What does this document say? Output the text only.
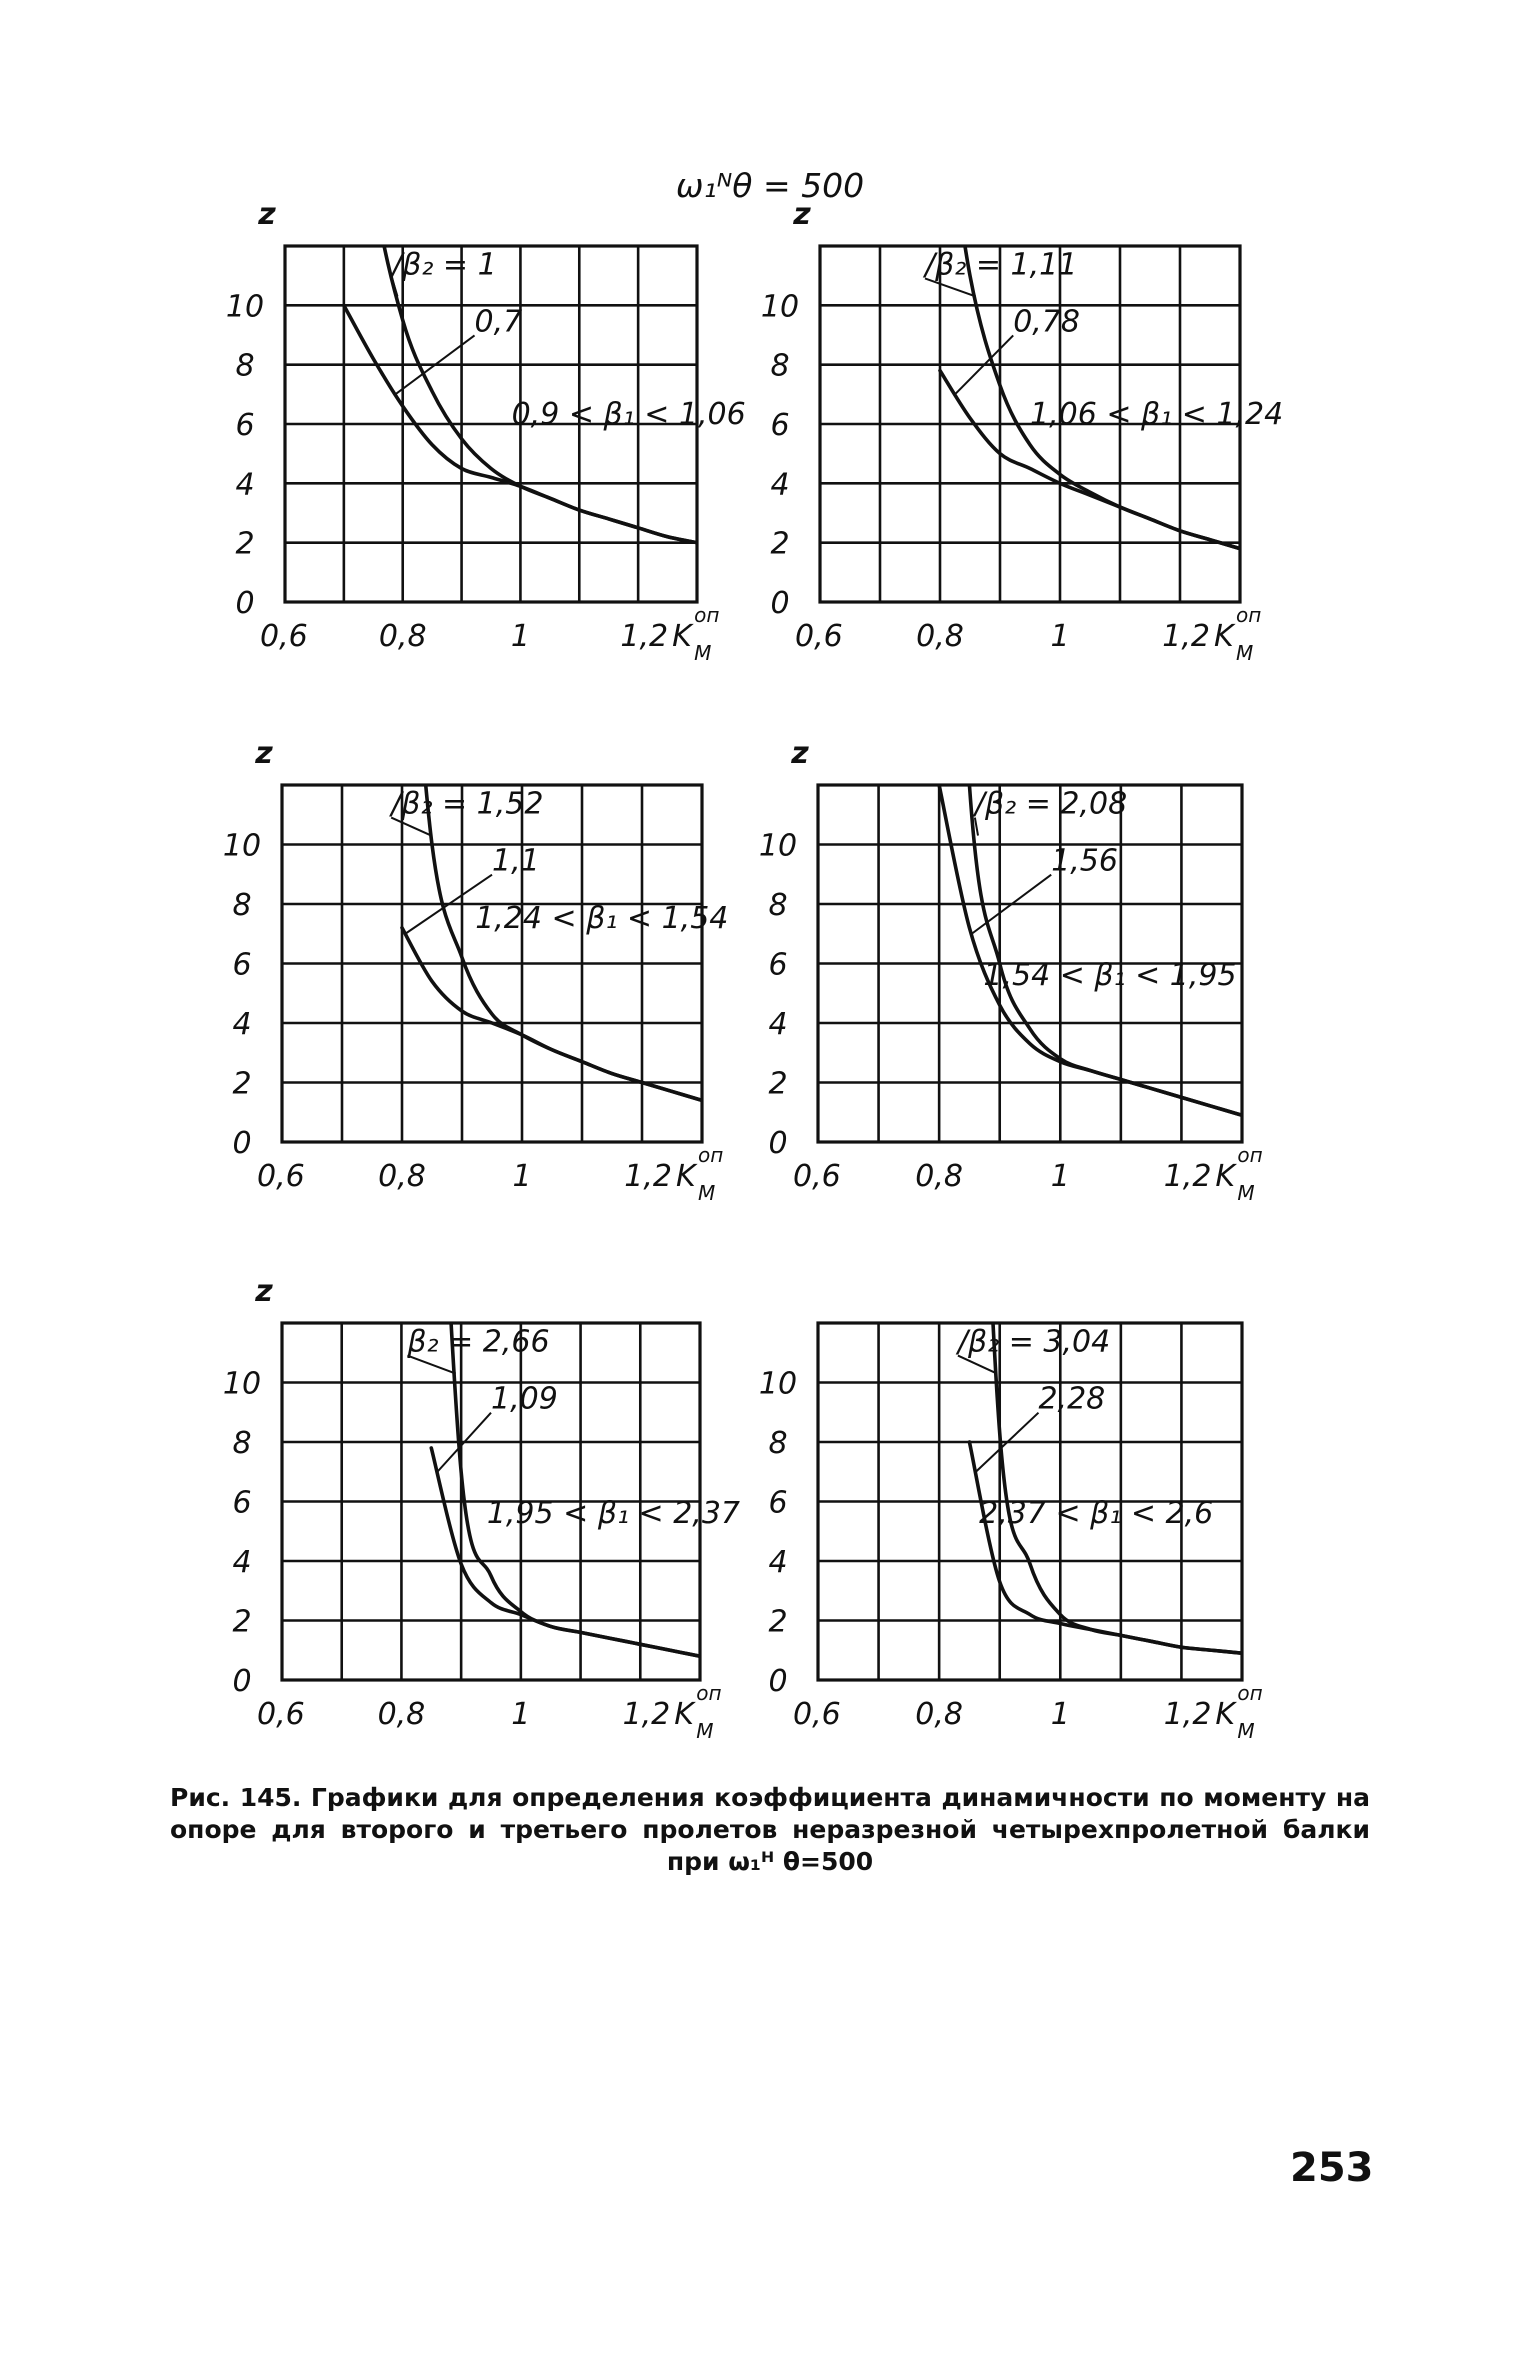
ω₁ᴺθ = 500
0
2
4
6
8
10
0,6 0,8	1	1,2 K M
оп
z
/β₂ = 1
0,7
0,9 < β₁ < 1,06
0
2
4
6
8
10
0,6 0,8	1	1,2 K M
оп
z
/β₂ = 1,11
0,78
1,06 < β₁ < 1,24
0
2
4
6
8
10
0,6 0,8	1	1,2 K M
оп
z
/β₂ = 1,52
1,1
1,24 < β₁ < 1,54
0
2
4
6
8
10
0,6 0,8	1	1,2 K M
оп
z
/β₂ = 2,08
1,56
1,54 < β₁ < 1,95
0
2
4
6
8
10
0,6 0,8	1	1,2 K M
оп
z
β₂ = 2,66
1,09
1,95 < β₁ < 2,37
0
2
4
6
8
10
0,6 0,8	1	1,2 K M
оп
/β₂ = 3,04
2,28
2,37 < β₁ < 2,6
Рис. 145. Графики для определения коэффициента динамичности по моменту на опоре для второго и третьего пролетов неразрезной четырехпролетной балки при ω₁ᴴ θ=500
253
